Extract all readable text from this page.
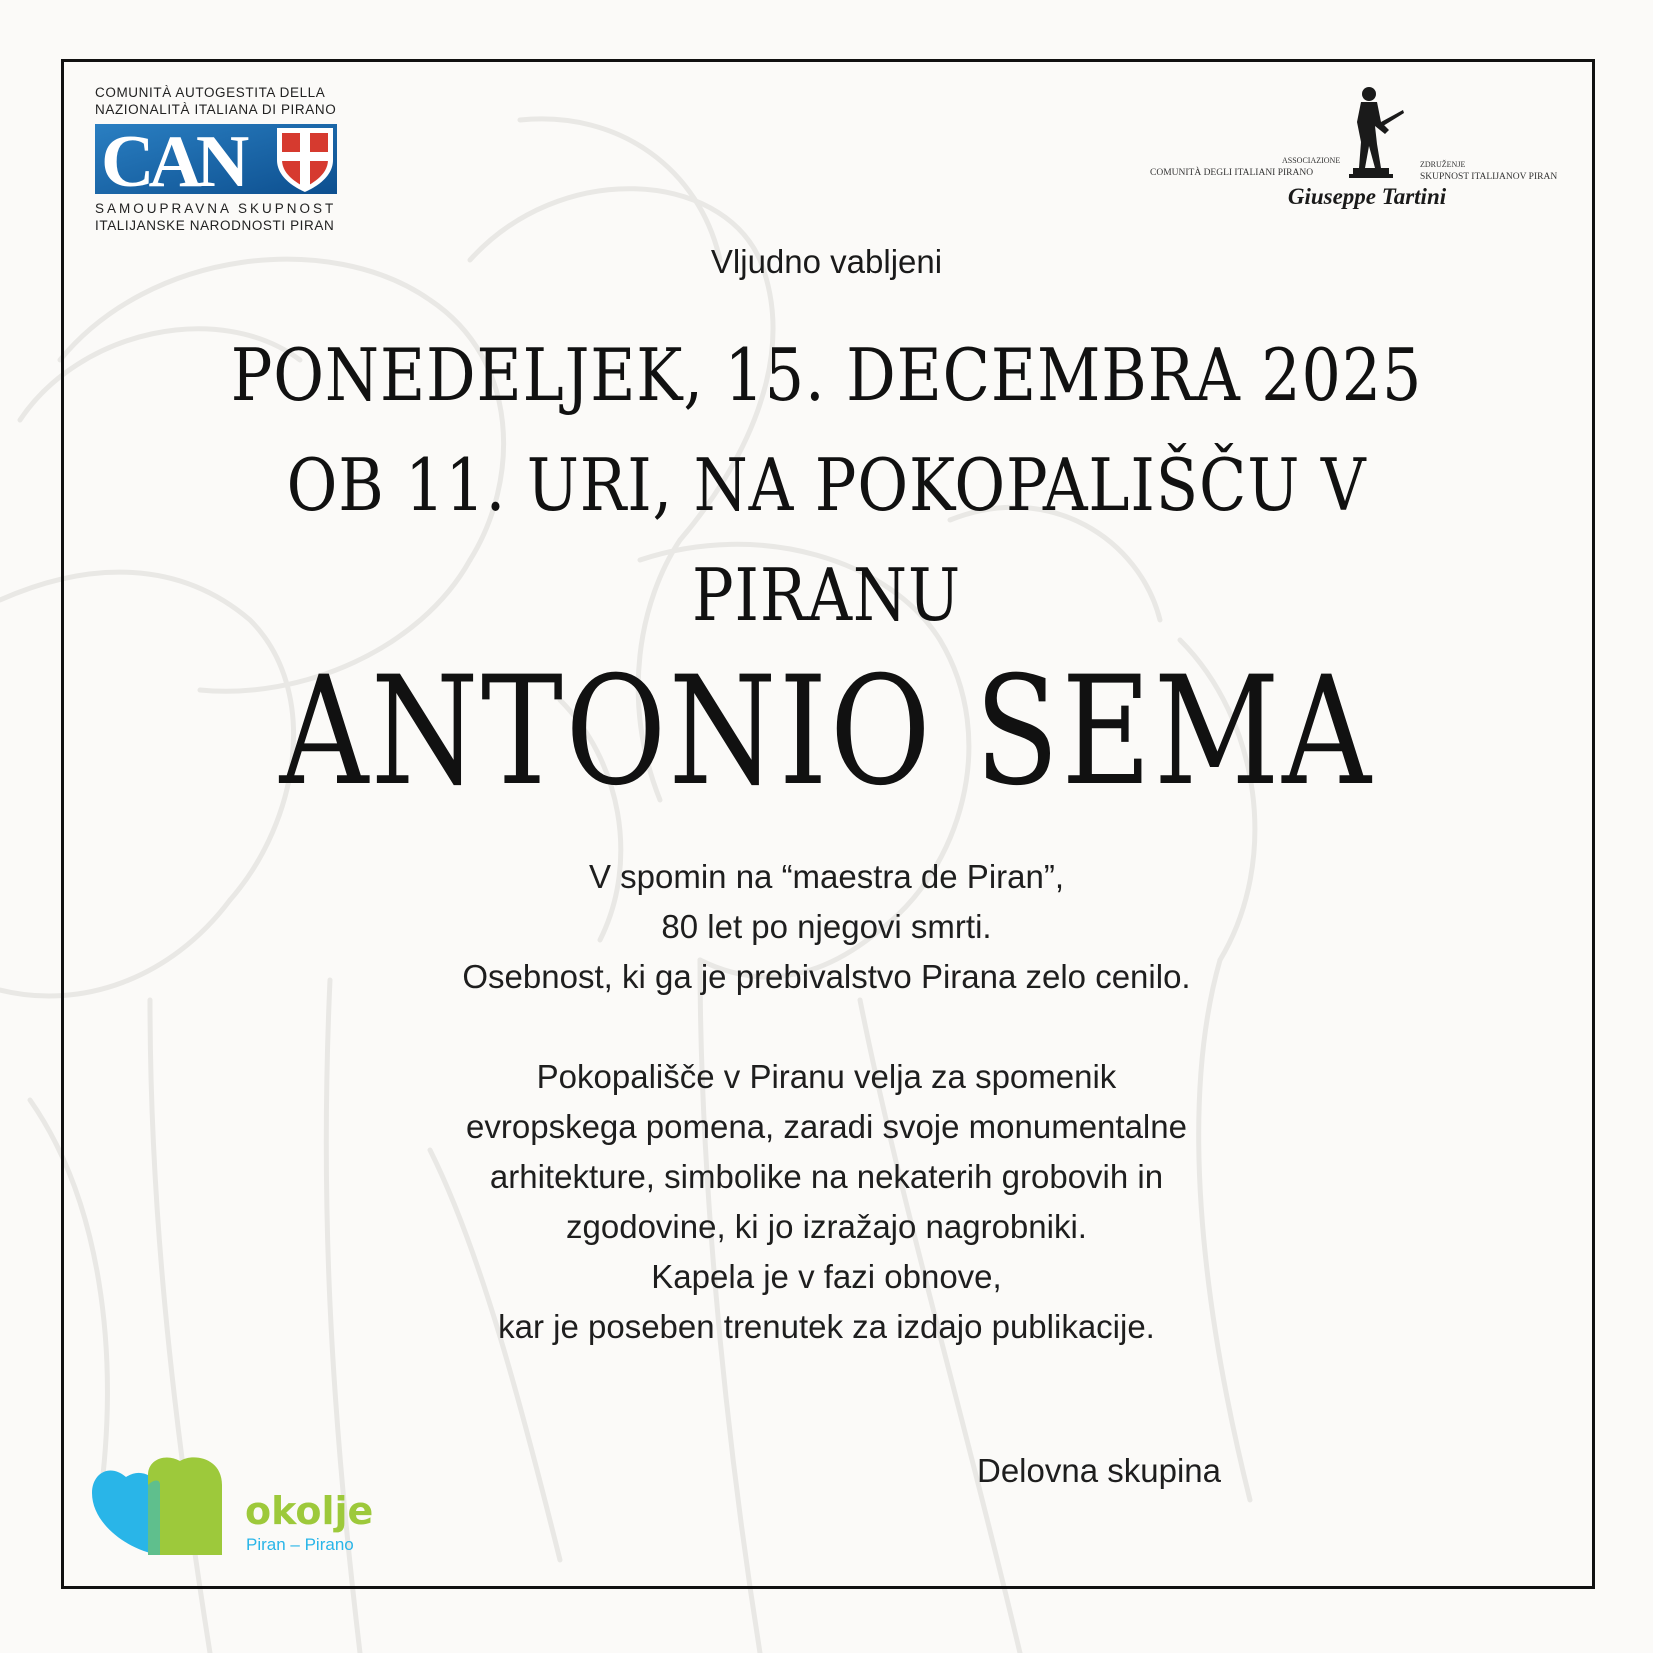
COMUNITÀ AUTOGESTITA DELLA
NAZIONALITÀ ITALIANA DI PIRANO
CAN
SAMOUPRAVNA SKUPNOST
ITALIJANSKE NARODNOSTI PIRAN
ASSOCIAZIONE
COMUNITÀ DEGLI ITALIANI PIRANO
ZDRUŽENJE
SKUPNOST ITALIJANOV PIRAN
Giuseppe Tartini
Vljudno vabljeni
PONEDELJEK, 15. DECEMBRA 2025
OB 11. URI, NA POKOPALIŠČU V
PIRANU
ANTONIO SEMA

V spomin na “maestra de Piran”,

80 let po njegovi smrti.

Osebnost, ki ga je prebivalstvo Pirana zelo cenilo.

Pokopališče v Piranu velja za spomenik

evropskega pomena, zaradi svoje monumentalne

arhitekture, simbolike na nekaterih grobovih in

zgodovine, ki jo izražajo nagrobniki.

Kapela je v fazi obnove,

kar je poseben trenutek za izdajo publikacije.

Delovna skupina
okolje
Piran – Pirano
